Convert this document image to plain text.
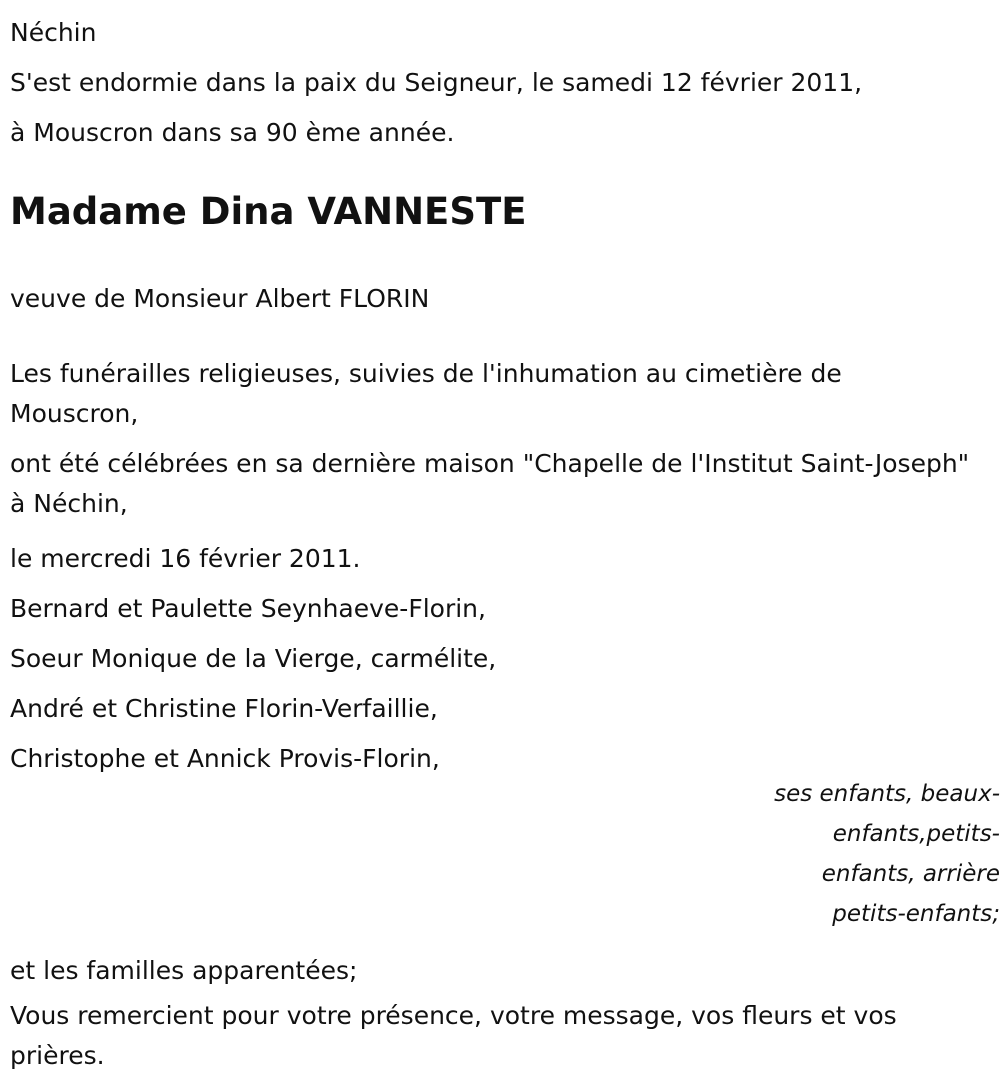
Néchin

S'est endormie dans la paix du Seigneur, le samedi 12 février 2011,

à Mouscron dans sa 90 ème année.

Madame Dina VANNESTE

veuve de Monsieur Albert FLORIN

Les funérailles religieuses, suivies de l'inhumation au cimetière de Mouscron,

ont été célébrées en sa dernière maison "Chapelle de l'Institut Saint-Joseph" à Néchin,

le mercredi 16 février 2011.

Bernard et Paulette Seynhaeve-Florin,

Soeur Monique de la Vierge, carmélite,

André et Christine Florin-Verfaillie,

Christophe et Annick Provis-Florin,

ses enfants, beaux-
enfants,petits-
enfants, arrière
petits-enfants;

et les familles apparentées;

Vous remercient pour votre présence, votre message, vos fleurs et vos prières.
